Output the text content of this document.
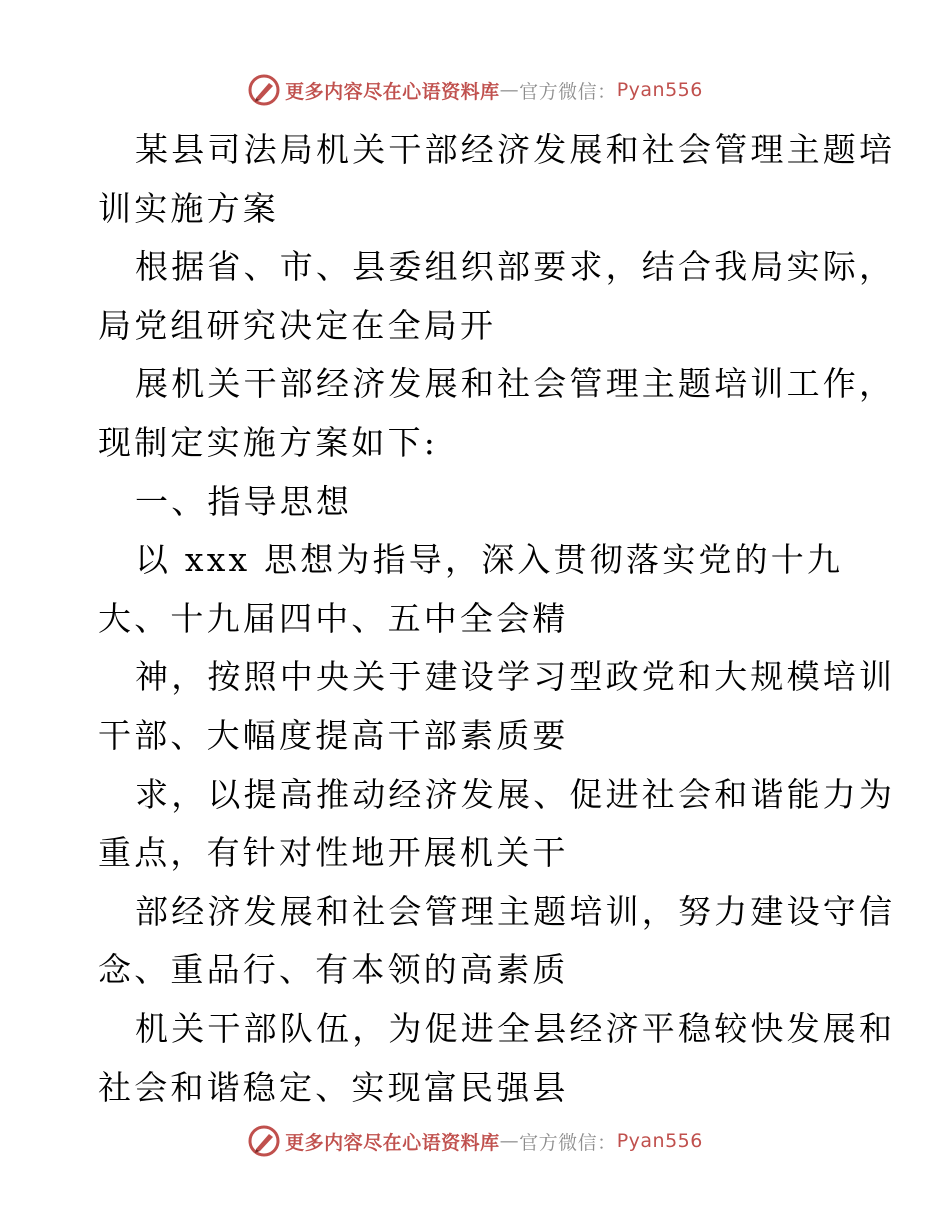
更多内容尽在心语资料库 — 官方微信： Pyan556
某县司法局机关干部经济发展和社会管理主题培
训实施方案
根据省、市、县委组织部要求，结合我局实际，
局党组研究决定在全局开
展机关干部经济发展和社会管理主题培训工作，
现制定实施方案如下:
一、指导思想
以 xxx 思想为指导，深入贯彻落实党的十九
大、十九届四中、五中全会精
神，按照中央关于建设学习型政党和大规模培训
干部、大幅度提高干部素质要
求，以提高推动经济发展、促进社会和谐能力为
重点，有针对性地开展机关干
部经济发展和社会管理主题培训，努力建设守信
念、重品行、有本领的高素质
机关干部队伍，为促进全县经济平稳较快发展和
社会和谐稳定、实现富民强县
更多内容尽在心语资料库 — 官方微信： Pyan556
